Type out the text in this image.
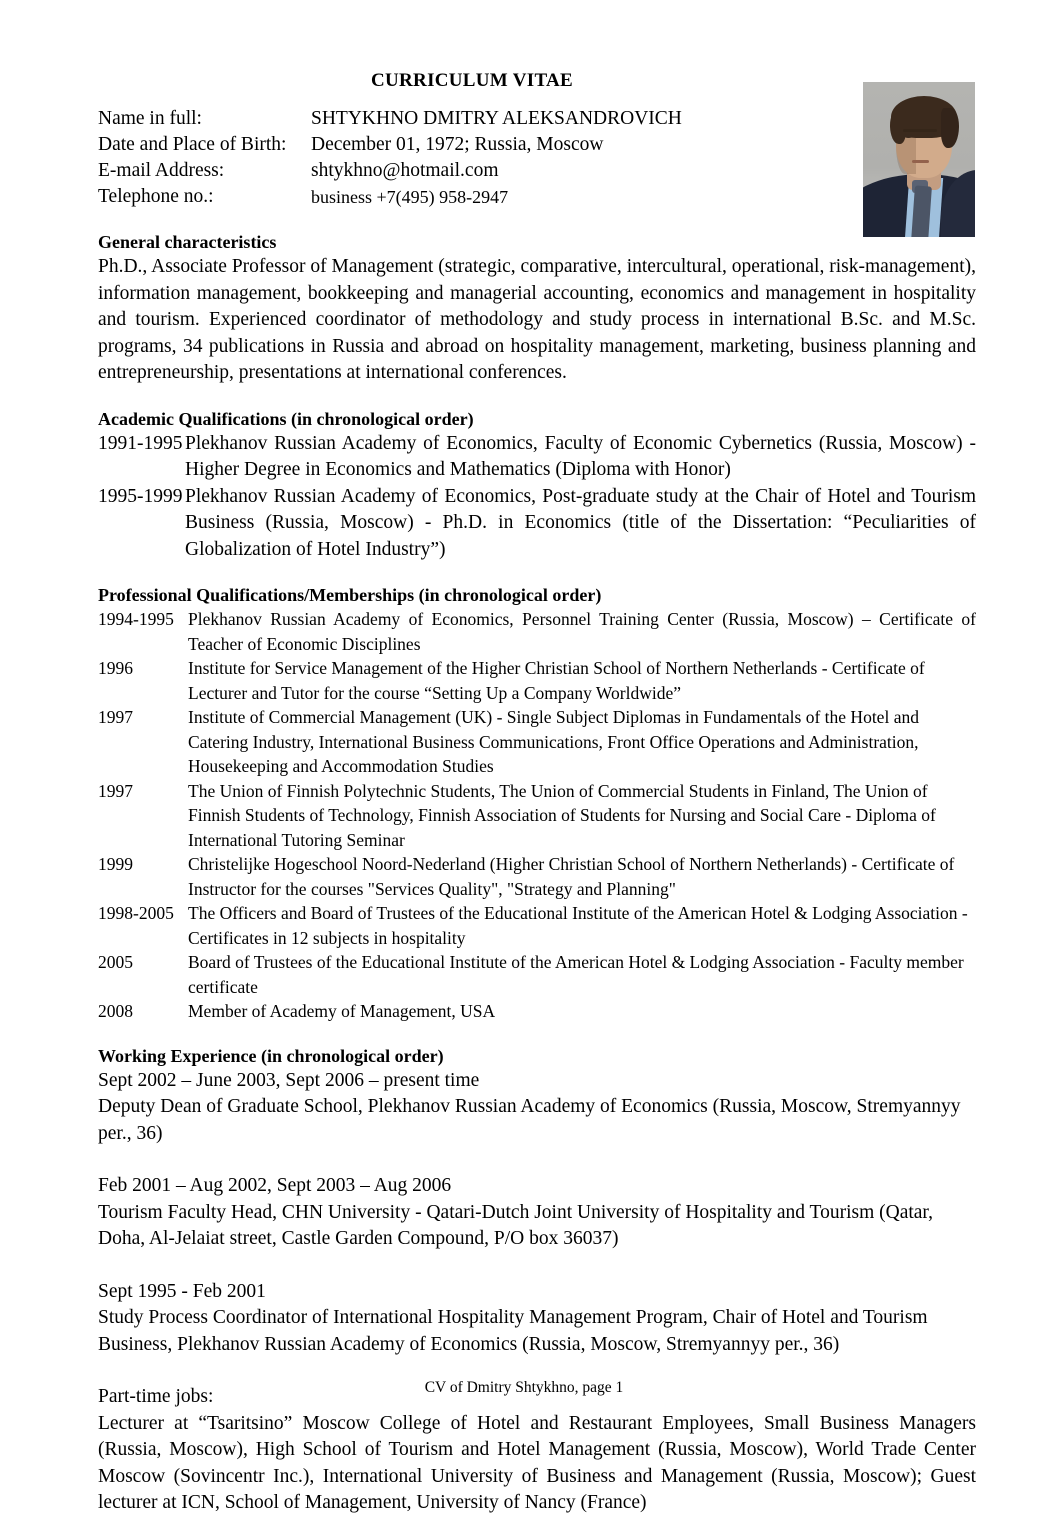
CURRICULUM VITAE
Name in full:	SHTYKHNO DMITRY ALEKSANDROVICH
Date and Place of Birth:	December 01, 1972; Russia, Moscow
E-mail Address:	shtykhno@hotmail.com
Telephone no.:	business +7(495) 958-2947
General characteristics

Ph.D., Associate Professor of Management (strategic, comparative, intercultural, operational, risk-management), information management, bookkeeping and managerial accounting, economics and management in hospitality and tourism. Experienced coordinator of methodology and study process in international B.Sc. and M.Sc. programs, 34 publications in Russia and abroad on hospitality management, marketing, business planning and entrepreneurship, presentations at international conferences.

Academic Qualifications (in chronological order)
1991-1995 Plekhanov Russian Academy of Economics, Faculty of Economic Cybernetics (Russia, Moscow) - Higher Degree in Economics and Mathematics (Diploma with Honor)
1995-1999 Plekhanov Russian Academy of Economics, Post-graduate study at the Chair of Hotel and Tourism Business (Russia, Moscow) - Ph.D. in Economics (title of the Dissertation: “Peculiarities of Globalization of Hotel Industry”)
Professional Qualifications/Memberships (in chronological order)
1994-1995 Plekhanov Russian Academy of Economics, Personnel Training Center (Russia, Moscow) – Certificate of Teacher of Economic Disciplines
1996	Institute for Service Management of the Higher Christian School of Northern Netherlands - Certificate of Lecturer and Tutor for the course “Setting Up a Company Worldwide”
1997	Institute of Commercial Management (UK) - Single Subject Diplomas in Fundamentals of the Hotel and Catering Industry, International Business Communications, Front Office Operations and Administration, Housekeeping and Accommodation Studies
1997	The Union of Finnish Polytechnic Students, The Union of Commercial Students in Finland, The Union of Finnish Students of Technology, Finnish Association of Students for Nursing and Social Care - Diploma of International Tutoring Seminar
1999	Christelijke Hogeschool Noord-Nederland (Higher Christian School of Northern Netherlands) - Certificate of Instructor for the courses "Services Quality", "Strategy and Planning"
1998-2005 The Officers and Board of Trustees of the Educational Institute of the American Hotel & Lodging Association - Certificates in 12 subjects in hospitality
2005	Board of Trustees of the Educational Institute of the American Hotel & Lodging Association - Faculty member certificate
2008	Member of Academy of Management, USA
Working Experience (in chronological order)
Sept 2002 – June 2003, Sept 2006 – present time
Deputy Dean of Graduate School, Plekhanov Russian Academy of Economics (Russia, Moscow, Stremyannyy per., 36)
Feb 2001 – Aug 2002, Sept 2003 – Aug 2006
Tourism Faculty Head, CHN University - Qatari-Dutch Joint University of Hospitality and Tourism (Qatar, Doha, Al-Jelaiat street, Castle Garden Compound, P/O box 36037)
Sept 1995 - Feb 2001
Study Process Coordinator of International Hospitality Management Program, Chair of Hotel and Tourism Business, Plekhanov Russian Academy of Economics (Russia, Moscow, Stremyannyy per., 36)
Part-time jobs:

Lecturer at “Tsaritsino” Moscow College of Hotel and Restaurant Employees, Small Business Managers (Russia, Moscow), High School of Tourism and Hotel Management (Russia, Moscow), World Trade Center Moscow (Sovincentr Inc.), International University of Business and Management (Russia, Moscow); Guest lecturer at ICN, School of Management, University of Nancy (France)

CV of Dmitry Shtykhno, page 1
